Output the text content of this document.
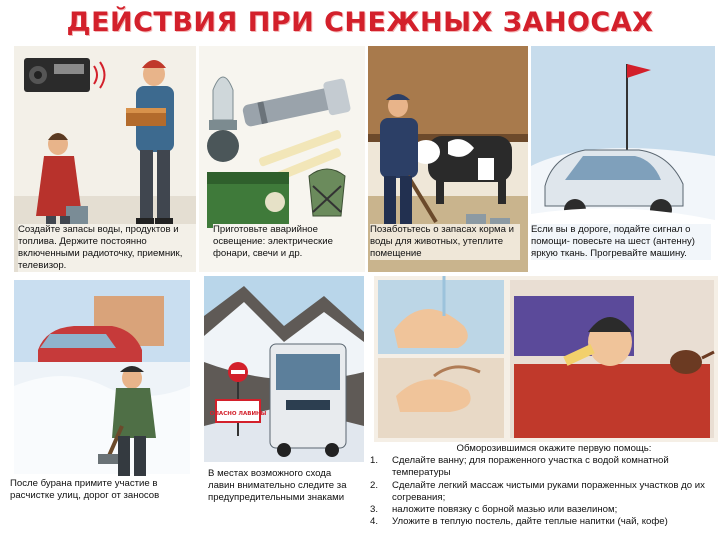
ДЕЙСТВИЯ ПРИ СНЕЖНЫХ ЗАНОСАХ
Создайте запасы воды, продуктов и топлива. Держите постоянно включенными радиоточку, приемник, телевизор.
Приготовьте аварийное освещение: электрические фонари, свечи и др.
Позаботьтесь о запасах корма и воды для животных, утеплите помещение
Если вы в дороге, подайте сигнал о помощи- повесьте на шест (антенну) яркую ткань. Прогревайте машину.
После бурана примите участие в расчистке улиц, дорог от заносов
ОПАСНО ЛАВИНЫ
В местах возможного схода лавин внимательно следите за предупредительными знаками
Обморозившимся окажите первую помощь:
1.	Сделайте ванну; для пораженного участка с водой комнатной температуры
2.	Сделайте легкий массаж чистыми руками пораженных участков до их согревания;
3.	наложите повязку с борной мазью или вазелином;
4.	Уложите в теплую постель, дайте теплые напитки (чай, кофе)
